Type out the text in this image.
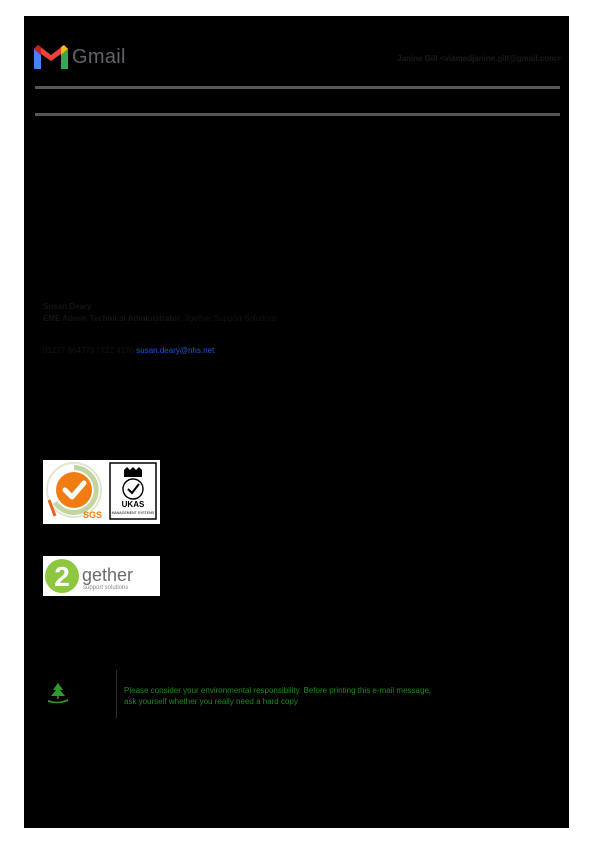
Gmail	Janine Gill <viamedjanine.gill@gmail.com>
Susan Deary
EME Admin Technical Administrator, 2gether Support Solutions
01227 864373 | 722 4176 susan.deary@nhs.net
SGS
UKAS
MANAGEMENT SYSTEMS
2 gether
support solutions
Please consider your environmental responsibility. Before printing this e-mail message,
ask yourself whether you really need a hard copy
